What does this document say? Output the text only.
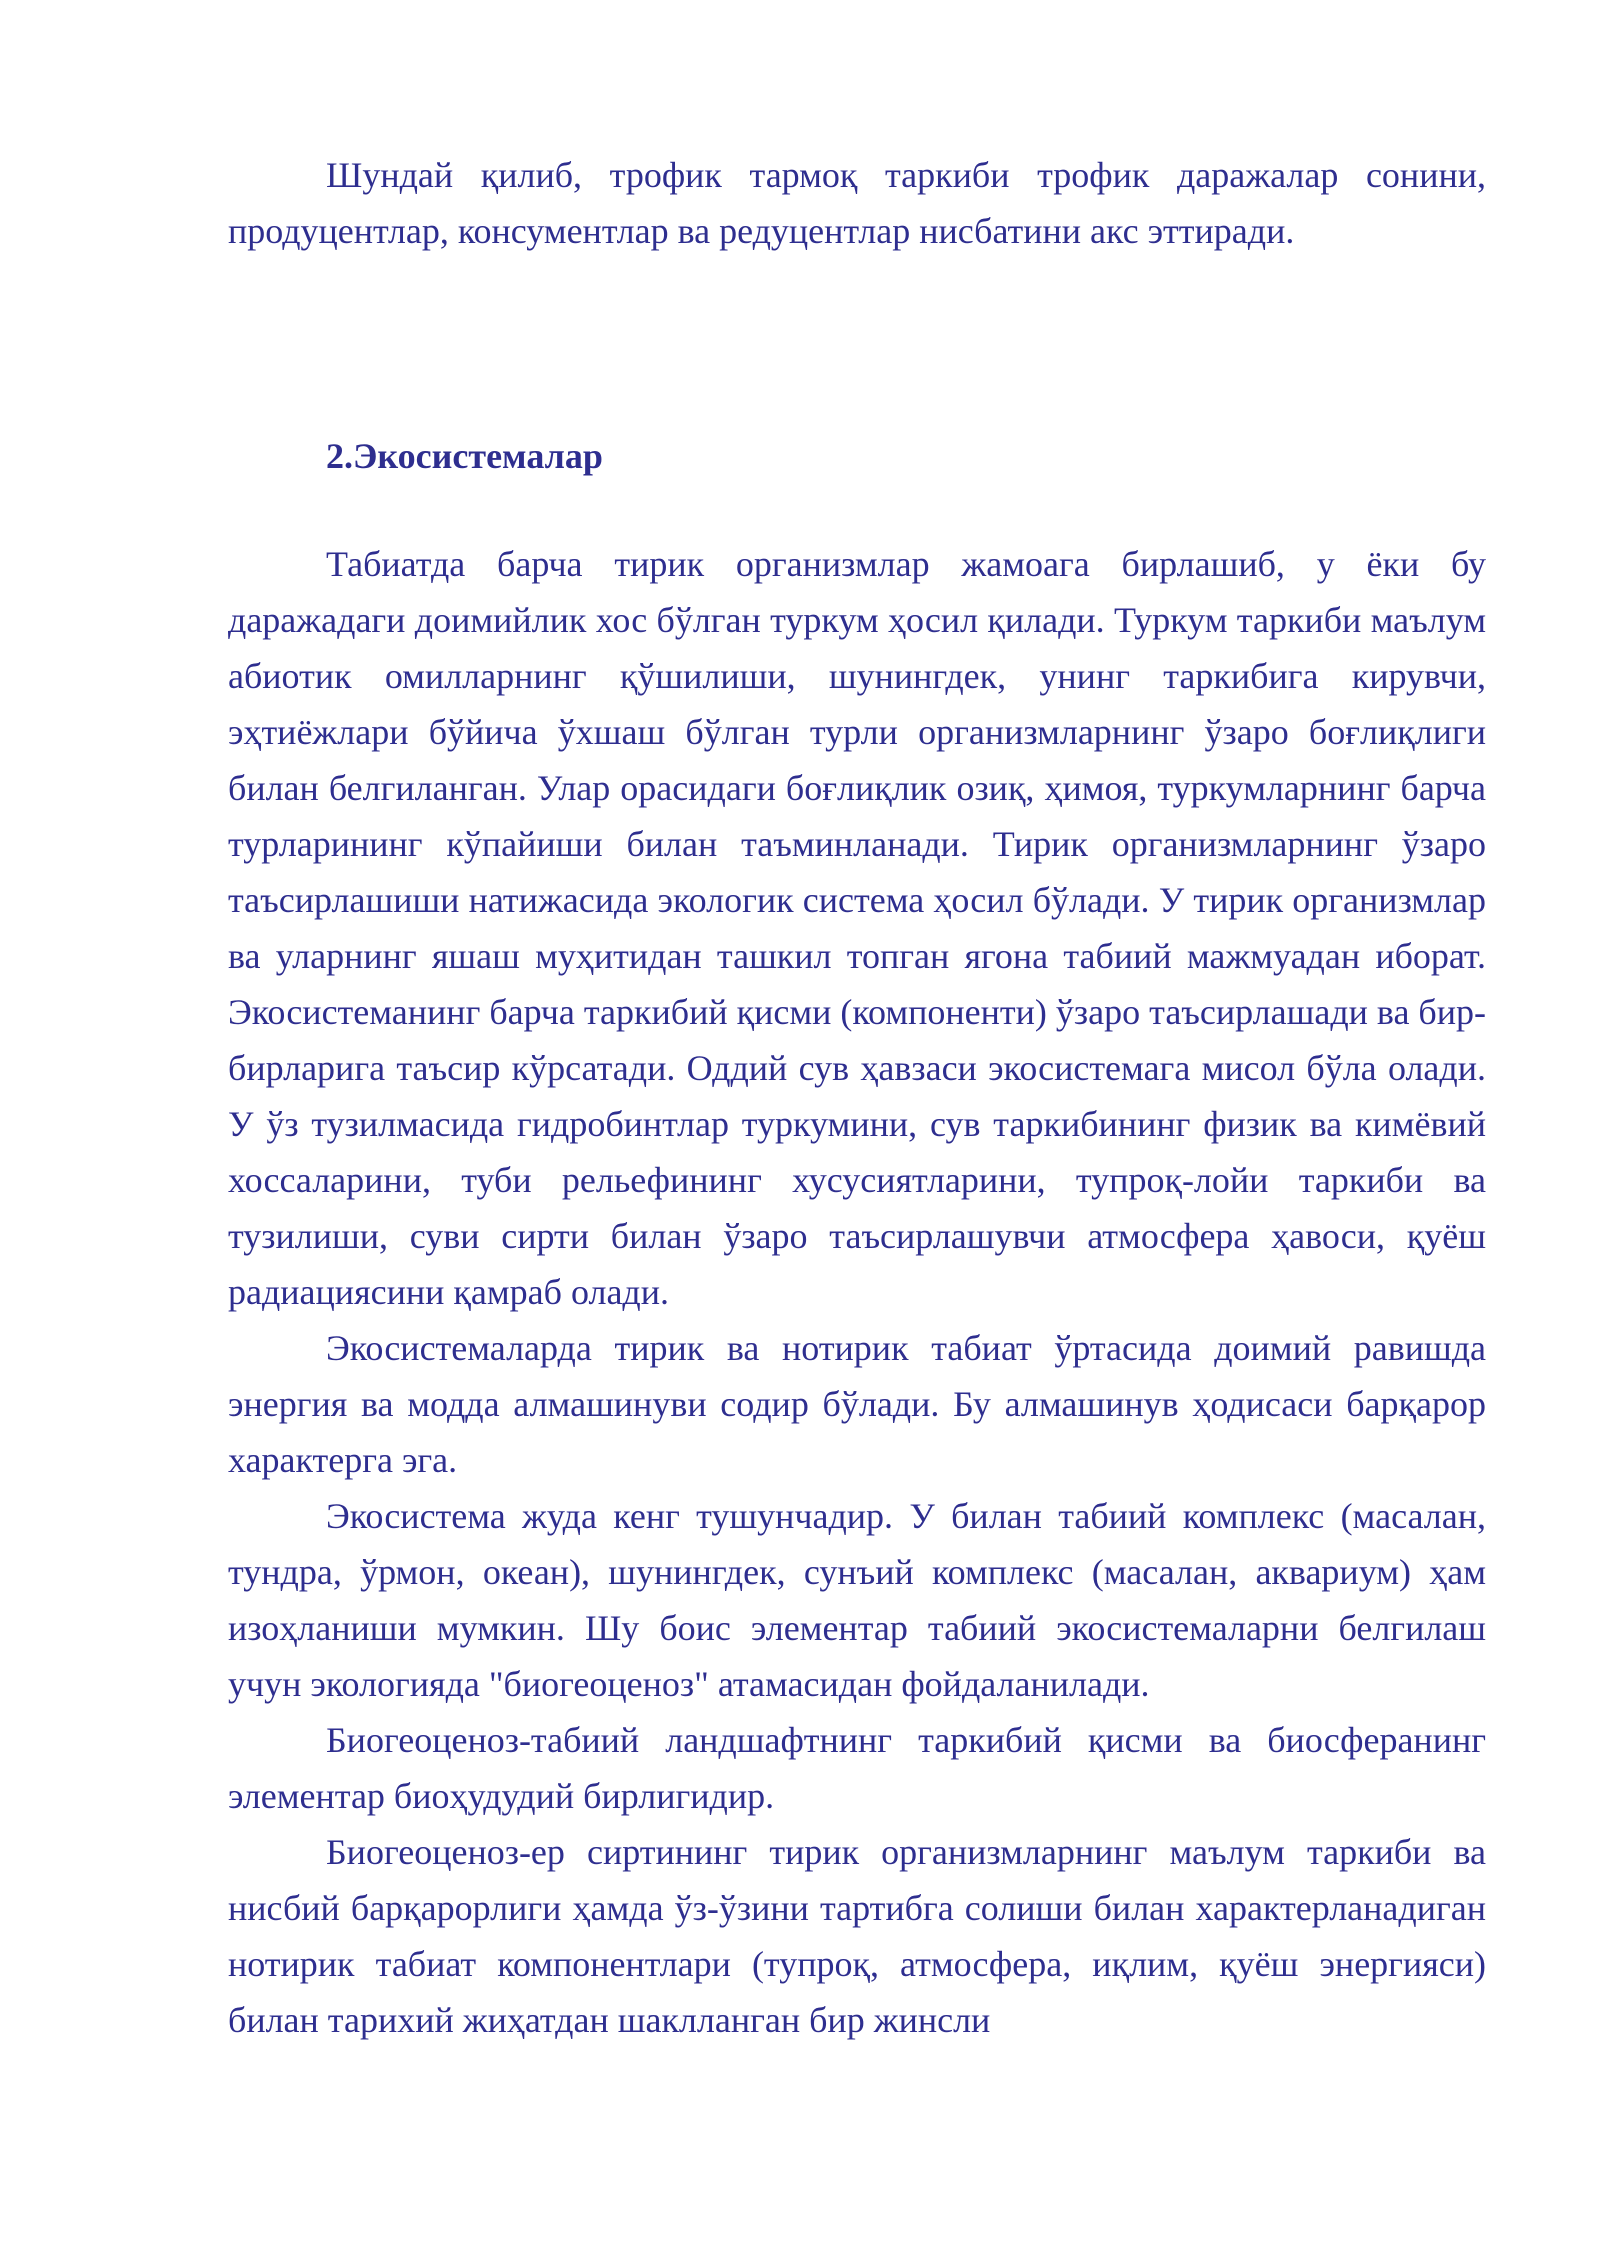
Шундай қилиб, трофик тармоқ таркиби трофик даражалар сонини, продуцентлар, консументлар ва редуцентлар нисбатини акс эттиради.

2.Экосистемалар

Табиатда барча тирик организмлар жамоага бирлашиб, у ёки бу даражадаги доимийлик хос бўлган туркум ҳосил қилади. Туркум таркиби маълум абиотик омилларнинг қўшилиши, шунингдек, унинг таркибига кирувчи, эҳтиёжлари бўйича ўхшаш бўлган турли организмларнинг ўзаро боғлиқлиги билан белгиланган. Улар орасидаги боғлиқлик озиқ, ҳимоя, туркумларнинг барча турларининг кўпайиши билан таъминланади. Тирик организмларнинг ўзаро таъсирлашиши натижасида экологик система ҳосил бўлади. У тирик организмлар ва уларнинг яшаш муҳитидан ташкил топган ягона табиий мажмуадан иборат. Экосистеманинг барча таркибий қисми (компоненти) ўзаро таъсирлашади ва бир-бирларига таъсир кўрсатади. Оддий сув ҳавзаси экосистемага мисол бўла олади. У ўз тузилмасида гидробинтлар туркумини, сув таркибининг физик ва кимёвий хоссаларини, туби рельефининг хусусиятларини, тупроқ-лойи таркиби ва тузилиши, суви сирти билан ўзаро таъсирлашувчи атмосфера ҳавоси, қуёш радиациясини қамраб олади.

Экосистемаларда тирик ва нотирик табиат ўртасида доимий равишда энергия ва модда алмашинуви содир бўлади. Бу алмашинув ҳодисаси барқарор характерга эга.

Экосистема жуда кенг тушунчадир. У билан табиий комплекс (масалан, тундра, ўрмон, океан), шунингдек, сунъий комплекс (масалан, аквариум) ҳам изоҳланиши мумкин. Шу боис элементар табиий экосистемаларни белгилаш учун экологияда "биогеоценоз" атамасидан фойдаланилади.

Биогеоценоз-табиий ландшафтнинг таркибий қисми ва биосферанинг элементар биоҳудудий бирлигидир.

Биогеоценоз-ер сиртининг тирик организмларнинг маълум таркиби ва нисбий барқарорлиги ҳамда ўз-ўзини тартибга солиши билан характерланадиган нотирик табиат компонентлари (тупроқ, атмосфера, иқлим, қуёш энергияси) билан тарихий жиҳатдан шаклланган бир жинсли
